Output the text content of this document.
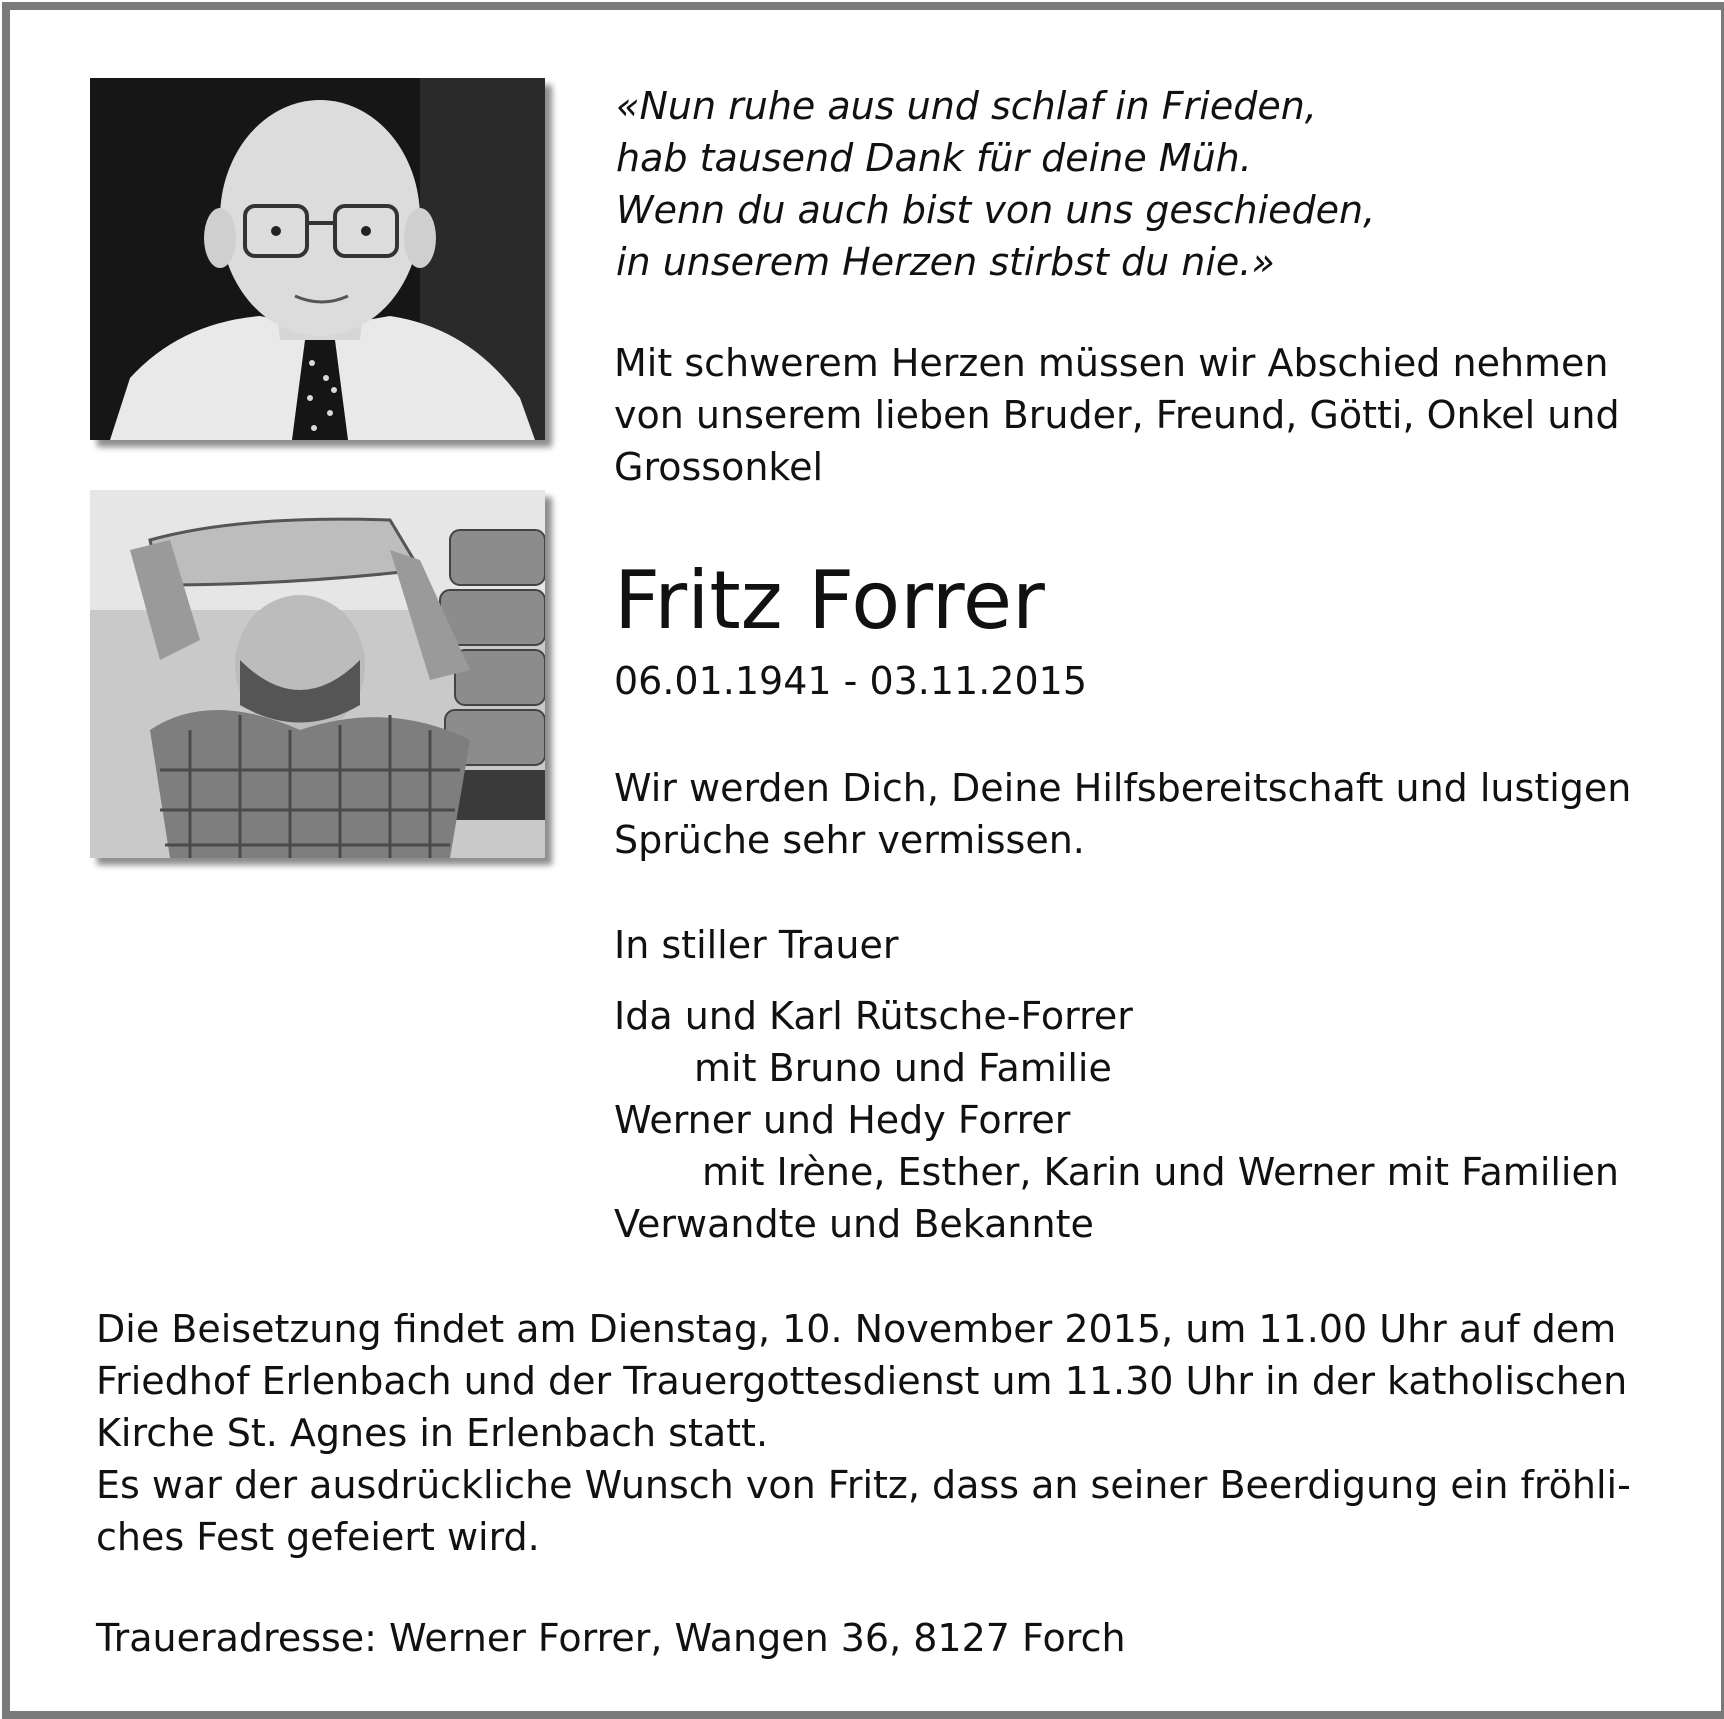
«Nun ruhe aus und schlaf in Frieden,
hab tausend Dank für deine Müh.
Wenn du auch bist von uns geschieden,
in unserem Herzen stirbst du nie.»
Mit schwerem Herzen müssen wir Abschied nehmen
von unserem lieben Bruder, Freund, Götti, Onkel und
Grossonkel
Fritz Forrer
06.01.1941 - 03.11.2015
Wir werden Dich, Deine Hilfsbereitschaft und lustigen
Sprüche sehr vermissen.
In stiller Trauer
Ida und Karl Rütsche-Forrer
mit Bruno und Familie
Werner und Hedy Forrer
mit Irène, Esther, Karin und Werner mit Familien
Verwandte und Bekannte
Die Beisetzung findet am Dienstag, 10. November 2015, um 11.00 Uhr auf dem
Friedhof Erlenbach und der Trauergottesdienst um 11.30 Uhr in der katholischen
Kirche St. Agnes in Erlenbach statt.
Es war der ausdrückliche Wunsch von Fritz, dass an seiner Beerdigung ein fröhli-
ches Fest gefeiert wird.
Traueradresse: Werner Forrer, Wangen 36, 8127 Forch
